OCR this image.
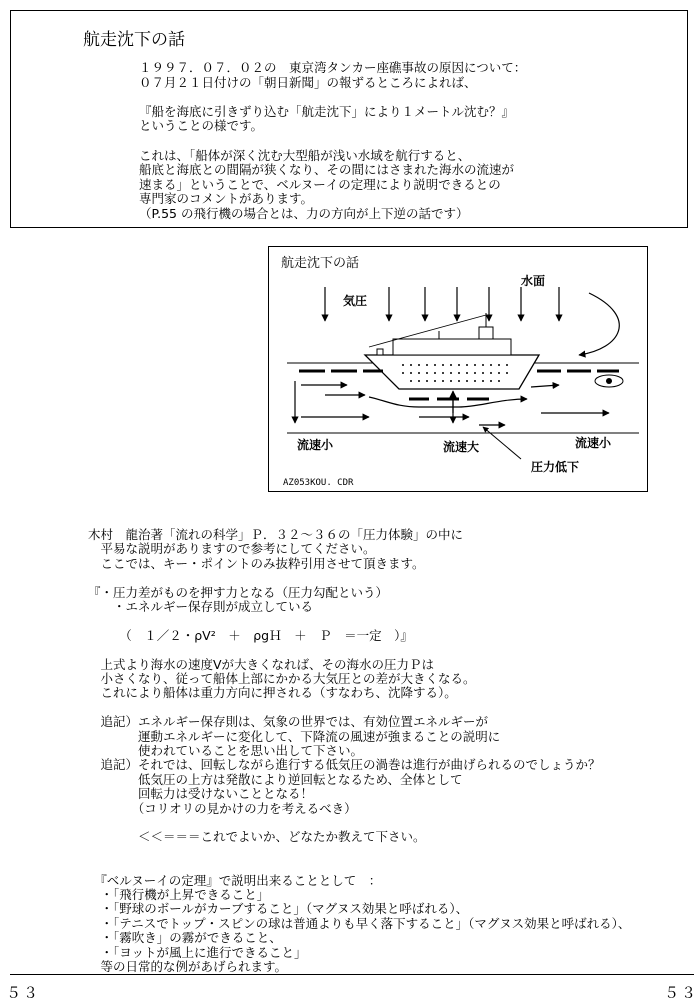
航走沈下の話
１９９７．０７．０２の　東京湾タンカー座礁事故の原因について：
０７月２１日付けの「朝日新聞」の報ずるところによれば、
『船を海底に引きずり込む「航走沈下」により１メートル沈む？』
ということの様です。
これは、「船体が深く沈む大型船が浅い水域を航行すると、
船底と海底との間隔が狭くなり、その間にはさまれた海水の流速が
速まる」ということで、ベルヌーイの定理により説明できるとの
専門家のコメントがあります。
（P.55 の飛行機の場合とは、力の方向が上下逆の話です）
航走沈下の話
水面
気圧
流速小	流速大	流速小
圧力低下
AZ053KOU. CDR
木村　龍治著「流れの科学」Ｐ．３２～３６の「圧力体験」の中に
　平易な説明がありますので参考にしてください。
　ここでは、キー・ポイントのみ抜粋引用させて頂きます。
『・圧力差がものを押す力となる（圧力勾配という）
　　・エネルギー保存則が成立している
　　　（　１／２・ρV²　＋　ρgＨ　＋　Ｐ　＝一定　）』
　上式より海水の速度Vが大きくなれば、その海水の圧力Ｐは
　小さくなり、従って船体上部にかかる大気圧との差が大きくなる。
　これにより船体は重力方向に押される（すなわち、沈降する）。
　追記）エネルギー保存則は、気象の世界では、有効位置エネルギーが
　　　　運動エネルギーに変化して、下降流の風速が強まることの説明に
　　　　使われていることを思い出して下さい。
　追記）それでは、回転しながら進行する低気圧の渦巻は進行が曲げられるのでしょうか？
　　　　低気圧の上方は発散により逆回転となるため、全体として
　　　　回転力は受けないこととなる！
　　　　（コリオリの見かけの力を考えるべき）
　　　　＜＜＝＝＝これでよいか、どなたか教えて下さい。
　『ベルヌーイの定理』で説明出来ることとして　：
　・「飛行機が上昇できること」
　・「野球のボールがカーブすること」（マグヌス効果と呼ばれる）、
　・「テニスでトップ・スピンの球は普通よりも早く落下すること」（マグヌス効果と呼ばれる）、
　・「霧吹き」の霧ができること、
　・「ヨットが風上に進行できること」
　等の日常的な例があげられます。
５３	５３
